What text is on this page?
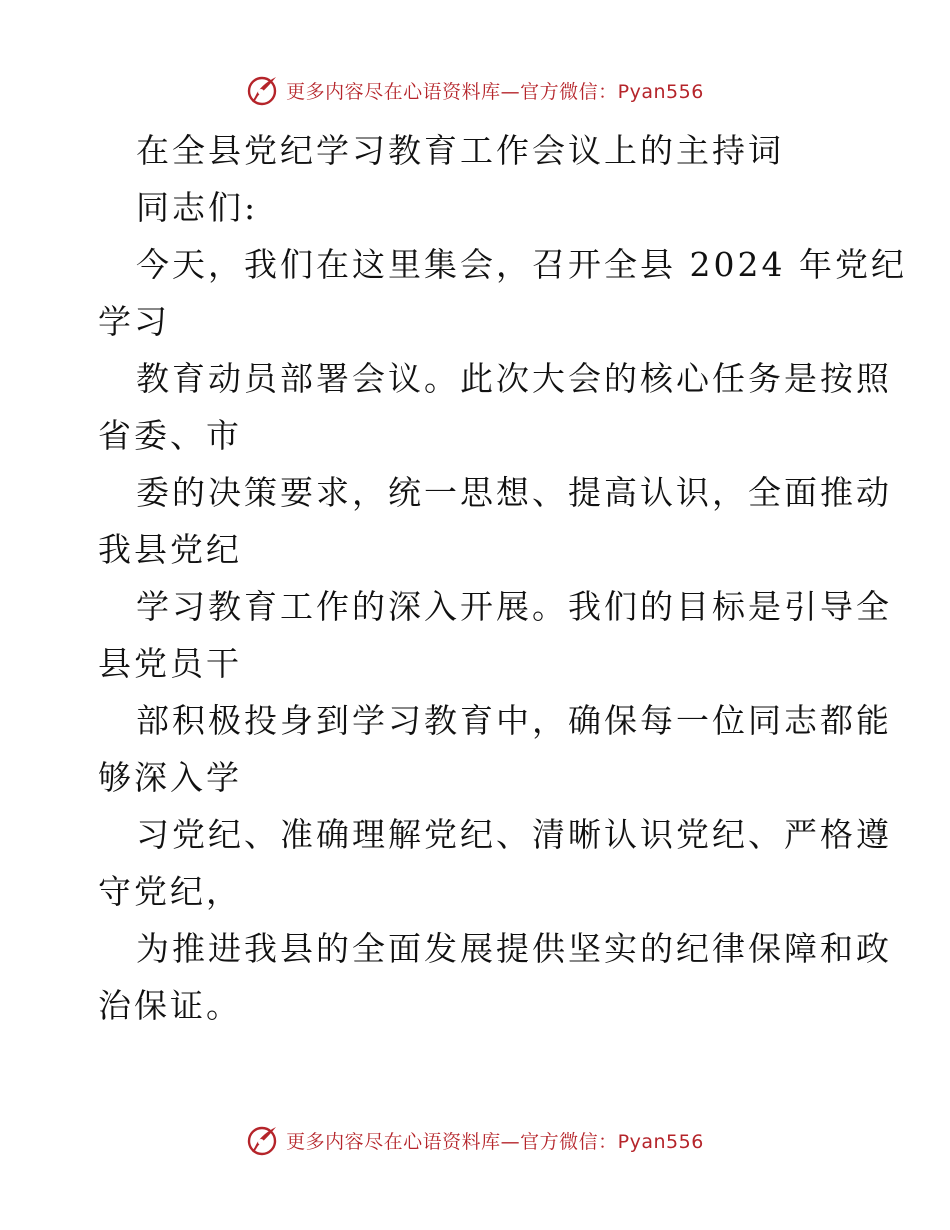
更多内容尽在心语资料库—官方微信：Pyan556
在全县党纪学习教育工作会议上的主持词
同志们:
今天，我们在这里集会，召开全县 2024 年党纪
学习
教育动员部署会议。此次大会的核心任务是按照
省委、市
委的决策要求，统一思想、提高认识，全面推动
我县党纪
学习教育工作的深入开展。我们的目标是引导全
县党员干
部积极投身到学习教育中，确保每一位同志都能
够深入学
习党纪、准确理解党纪、清晰认识党纪、严格遵
守党纪，
为推进我县的全面发展提供坚实的纪律保障和政
治保证。
更多内容尽在心语资料库—官方微信：Pyan556
